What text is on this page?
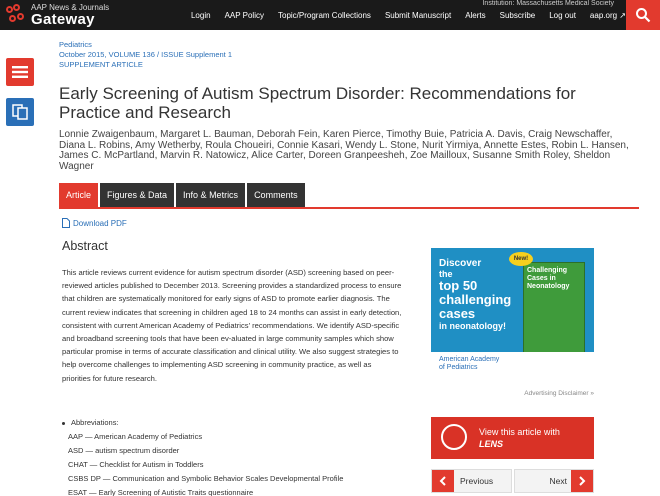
AAP News & Journals
Gateway
Institution: Massachusetts Medical Society
Login AAP Policy Topic/Program Collections Submit Manuscript Alerts Subscribe Log out aap.org ↗
Pediatrics
October 2015, VOLUME 136 / ISSUE Supplement 1
SUPPLEMENT ARTICLE
Early Screening of Autism Spectrum Disorder: Recommendations for Practice and Research
Lonnie Zwaigenbaum, Margaret L. Bauman, Deborah Fein, Karen Pierce, Timothy Buie, Patricia A. Davis, Craig Newschaffer, Diana L. Robins, Amy Wetherby, Roula Choueiri, Connie Kasari, Wendy L. Stone, Nurit Yirmiya, Annette Estes, Robin L. Hansen, James C. McPartland, Marvin R. Natowicz, Alice Carter, Doreen Granpeesheh, Zoe Mailloux, Susanne Smith Roley, Sheldon Wagner
Article	Figures & Data	Info & Metrics	Comments
Download PDF
Abstract

This article reviews current evidence for autism spectrum disorder (ASD) screening based on peer-reviewed articles published to December 2013. Screening provides a standardized process to ensure that children are systematically monitored for early signs of ASD to promote earlier diagnosis. The current review indicates that screening in children aged 18 to 24 months can assist in early detection, consistent with current American Academy of Pediatrics’ recommendations. We identify ASD-specific and broadband screening tools that have been ev-aluated in large community samples which show particular promise in terms of accurate classification and clinical utility. We also suggest strategies to help overcome challenges to implementing ASD screening in community practice, as well as priorities for future research.

Abbreviations:
AAP — American Academy of Pediatrics
ASD — autism spectrum disorder
CHAT — Checklist for Autism in Toddlers
CSBS DP — Communication and Symbolic Behavior Scales Developmental Profile
ESAT — Early Screening of Autistic Traits questionnaire
Discover
the
top 50
challenging
cases
in neonatology!
Challenging Cases in Neonatology
New!
American Academy
of Pediatrics
Advertising Disclaimer »
View this article with
LENS
Previous	Next
